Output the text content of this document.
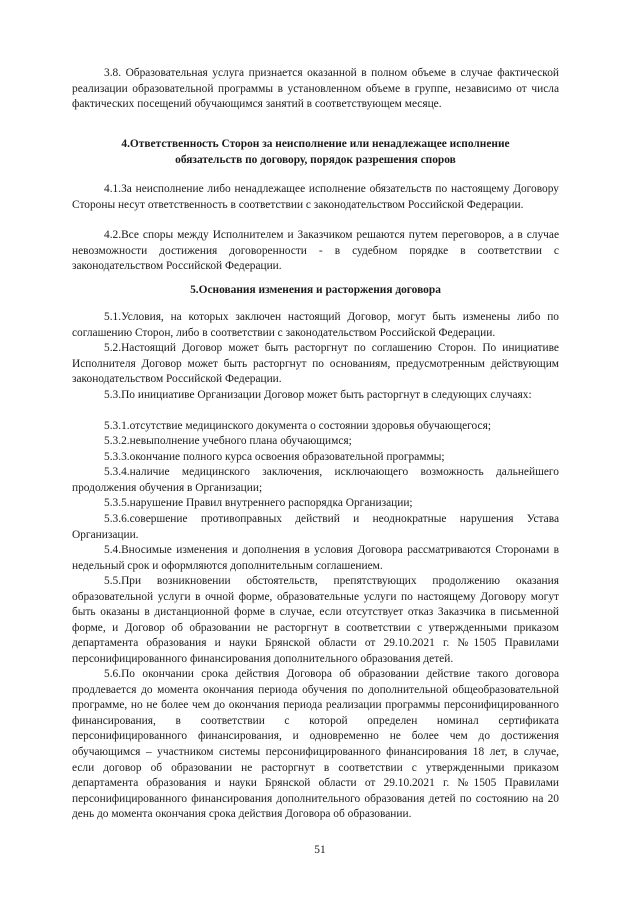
3.8. Образовательная услуга признается оказанной в полном объеме в случае фактической реализации образовательной программы в установленном объеме в группе, независимо от числа фактических посещений обучающимся занятий в соответствующем месяце.

4.Ответственность Сторон за неисполнение или ненадлежащее исполнение
обязательств по договору, порядок разрешения споров

4.1.За неисполнение либо ненадлежащее исполнение обязательств по настоящему Договору Стороны несут ответственность в соответствии с законодательством Российской Федерации.

4.2.Все споры между Исполнителем и Заказчиком решаются путем переговоров, а в случае невозможности достижения договоренности - в судебном порядке в соответствии с законодательством Российской Федерации.

5.Основания изменения и расторжения договора

5.1.Условия, на которых заключен настоящий Договор, могут быть изменены либо по соглашению Сторон, либо в соответствии с законодательством Российской Федерации.

5.2.Настоящий Договор может быть расторгнут по соглашению Сторон. По инициативе Исполнителя Договор может быть расторгнут по основаниям, предусмотренным действующим законодательством Российской Федерации.

5.3.По инициативе Организации Договор может быть расторгнут в следующих случаях:

5.3.1.отсутствие медицинского документа о состоянии здоровья обучающегося;

5.3.2.невыполнение учебного плана обучающимся;

5.3.3.окончание полного курса освоения образовательной программы;

5.3.4.наличие медицинского заключения, исключающего возможность дальнейшего продолжения обучения в Организации;

5.3.5.нарушение Правил внутреннего распорядка Организации;

5.3.6.совершение противоправных действий и неоднократные нарушения Устава Организации.

5.4.Вносимые изменения и дополнения в условия Договора рассматриваются Сторонами в недельный срок и оформляются дополнительным соглашением.

5.5.При возникновении обстоятельств, препятствующих продолжению оказания образовательной услуги в очной форме, образовательные услуги по настоящему Договору могут быть оказаны в дистанционной форме в случае, если отсутствует отказ Заказчика в письменной форме, и Договор об образовании не расторгнут в соответствии с утвержденными приказом департамента образования и науки Брянской области от 29.10.2021 г. №1505 Правилами персонифицированного финансирования дополнительного образования детей.

5.6.По окончании срока действия Договора об образовании действие такого договора продлевается до момента окончания периода обучения по дополнительной общеобразовательной программе, но не более чем до окончания периода реализации программы персонифицированного финансирования, в соответствии с которой определен номинал сертификата персонифицированного финансирования, и одновременно не более чем до достижения обучающимся – участником системы персонифицированного финансирования 18 лет, в случае, если договор об образовании не расторгнут в соответствии с утвержденными приказом департамента образования и науки Брянской области от 29.10.2021 г. №1505 Правилами персонифицированного финансирования дополнительного образования детей по состоянию на 20 день до момента окончания срока действия Договора об образовании.

51
